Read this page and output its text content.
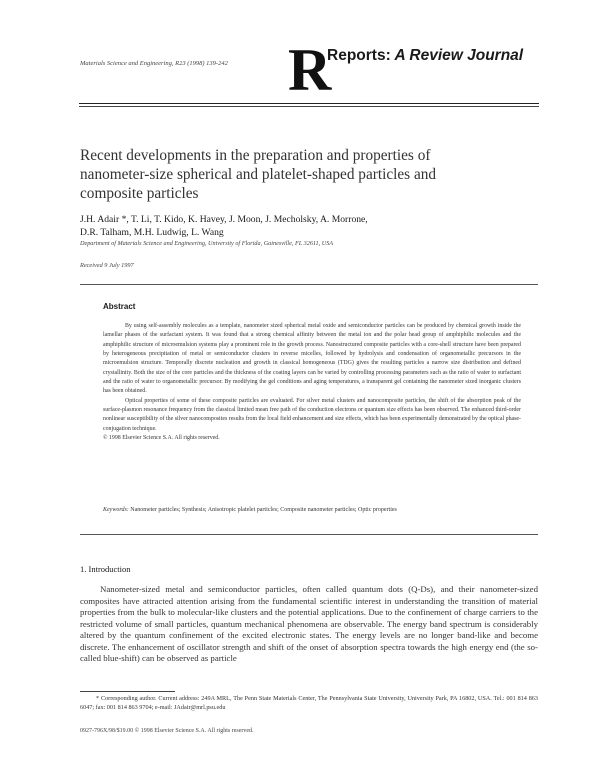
Materials Science and Engineering, R23 (1998) 139-242 R
Reports: A Review Journal
Recent developments in the preparation and properties of nanometer-size spherical and platelet-shaped particles and composite particles
J.H. Adair *, T. Li, T. Kido, K. Havey, J. Moon, J. Mecholsky, A. Morrone,
D.R. Talham, M.H. Ludwig, L. Wang
Department of Materials Science and Engineering, University of Florida, Gainesville, FL 32611, USA
Received 9 July 1997
Abstract

By using self-assembly molecules as a template, nanometer sized spherical metal oxide and semiconductor particles can be produced by chemical growth inside the lamellar phases of the surfactant system. It was found that a strong chemical affinity between the metal ion and the polar head group of amphiphilic molecules and the amphiphilic structure of microemulsion systems play a prominent role in the growth process. Nanostructured composite particles with a core-shell structure have been prepared by heterogeneous precipitation of metal or semiconductor clusters in reverse micelles, followed by hydrolysis and condensation of organometallic precursors in the microemulsion structure. Temporally discrete nucleation and growth in classical homogeneous (TDG) gives the resulting particles a narrow size distribution and defined crystallinity. Both the size of the core particles and the thickness of the coating layers can be varied by controlling processing parameters such as the ratio of water to surfactant and the ratio of water to organometallic precursor. By modifying the gel conditions and aging temperatures, a transparent gel containing the nanometer sized inorganic clusters has been obtained.

Optical properties of some of these composite particles are evaluated. For silver metal clusters and nanocomposite particles, the shift of the absorption peak of the surface-plasmon resonance frequency from the classical limited mean free path of the conduction electrons or quantum size effects has been observed. The enhanced third-order nonlinear susceptibility of the silver nanocomposites results from the local field enhancement and size effects, which has been experimentally demonstrated by the optical phase-conjugation technique.

© 1998 Elsevier Science S.A. All rights reserved.
Keywords: Nanometer particles; Synthesis; Anisotropic platelet particles; Composite nanometer particles; Optic properties
1. Introduction

Nanometer-sized metal and semiconductor particles, often called quantum dots (Q-Ds), and their nanometer-sized composites have attracted attention arising from the fundamental scientific interest in understanding the transition of material properties from the bulk to molecular-like clusters and the potential applications. Due to the confinement of charge carriers to the restricted volume of small particles, quantum mechanical phenomena are observable. The energy band spectrum is considerably altered by the quantum confinement of the excited electronic states. The energy levels are no longer band-like and become discrete. The enhancement of oscillator strength and shift of the onset of absorption spectra towards the high energy end (the so-called blue-shift) can be observed as particle

* Corresponding author. Current address: 249A MRL, The Penn State Materials Center, The Pennsylvania State University, University Park, PA 16802, USA. Tel.: 001 814 863 6047; fax: 001 814 863 9704; e-mail: JAdair@mrl.psu.edu

0927-796X/98/$19.00 © 1998 Elsevier Science S.A. All rights reserved.
